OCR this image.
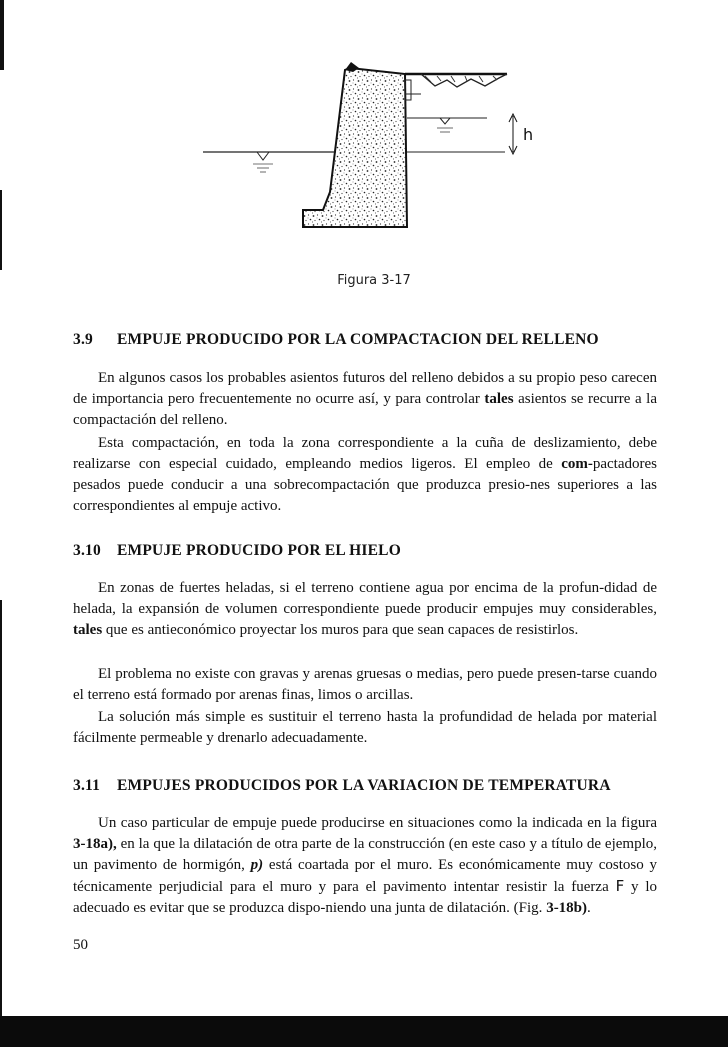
h
Figura 3-17
3.9 EMPUJE PRODUCIDO POR LA COMPACTACION DEL RELLENO

En algunos casos los probables asientos futuros del relleno debidos a su propio peso carecen de importancia pero frecuentemente no ocurre así, y para controlar tales asientos se recurre a la compactación del relleno.

Esta compactación, en toda la zona correspondiente a la cuña de deslizamiento, debe realizarse con especial cuidado, empleando medios ligeros. El empleo de com-pactadores pesados puede conducir a una sobrecompactación que produzca presio-nes superiores a las correspondientes al empuje activo.

3.10 EMPUJE PRODUCIDO POR EL HIELO

En zonas de fuertes heladas, si el terreno contiene agua por encima de la profun-didad de helada, la expansión de volumen correspondiente puede producir empujes muy considerables, tales que es antieconómico proyectar los muros para que sean capaces de resistirlos.

El problema no existe con gravas y arenas gruesas o medias, pero puede presen-tarse cuando el terreno está formado por arenas finas, limos o arcillas.

La solución más simple es sustituir el terreno hasta la profundidad de helada por material fácilmente permeable y drenarlo adecuadamente.

3.11 EMPUJES PRODUCIDOS POR LA VARIACION DE TEMPERATURA

Un caso particular de empuje puede producirse en situaciones como la indicada en la figura 3-18a), en la que la dilatación de otra parte de la construcción (en este caso y a título de ejemplo, un pavimento de hormigón, p) está coartada por el muro. Es económicamente muy costoso y técnicamente perjudicial para el muro y para el pavimento intentar resistir la fuerza F y lo adecuado es evitar que se produzca dispo-niendo una junta de dilatación. (Fig. 3-18b).

50
